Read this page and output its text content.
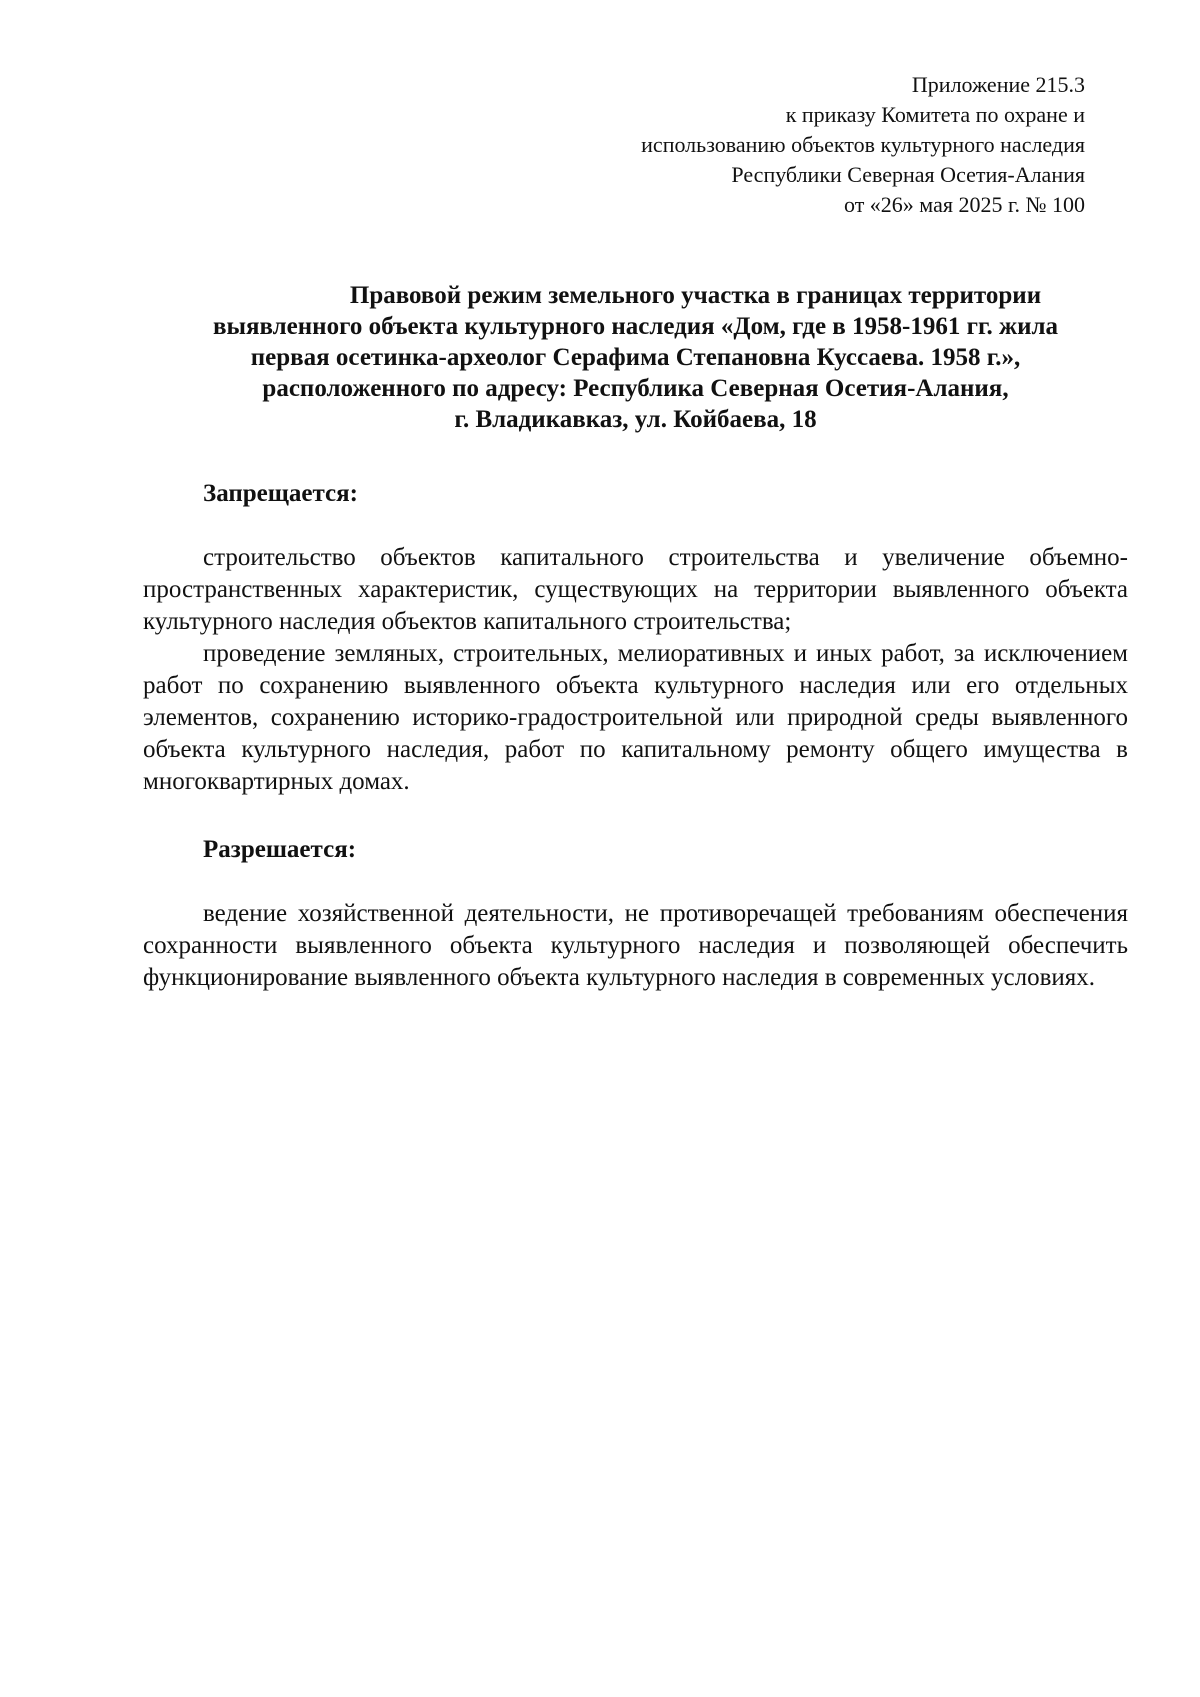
Приложение 215.3
к приказу Комитета по охране и
использованию объектов культурного наследия
Республики Северная Осетия-Алания
от «26» мая 2025 г. № 100
Правовой режим земельного участка в границах территории
выявленного объекта культурного наследия «Дом, где в 1958-1961 гг. жила
первая осетинка-археолог Серафима Степановна Куссаева. 1958 г.»,
расположенного по адресу: Республика Северная Осетия-Алания,
г. Владикавказ, ул. Койбаева, 18
Запрещается:

строительство объектов капитального строительства и увеличение объемно-пространственных характеристик, существующих на территории выявленного объекта культурного наследия объектов капитального строительства;

проведение земляных, строительных, мелиоративных и иных работ, за исключением работ по сохранению выявленного объекта культурного наследия или его отдельных элементов, сохранению историко-градостроительной или природной среды выявленного объекта культурного наследия, работ по капитальному ремонту общего имущества в многоквартирных домах.

Разрешается:

ведение хозяйственной деятельности, не противоречащей требованиям обеспечения сохранности выявленного объекта культурного наследия и позволяющей обеспечить функционирование выявленного объекта культурного наследия в современных условиях.
